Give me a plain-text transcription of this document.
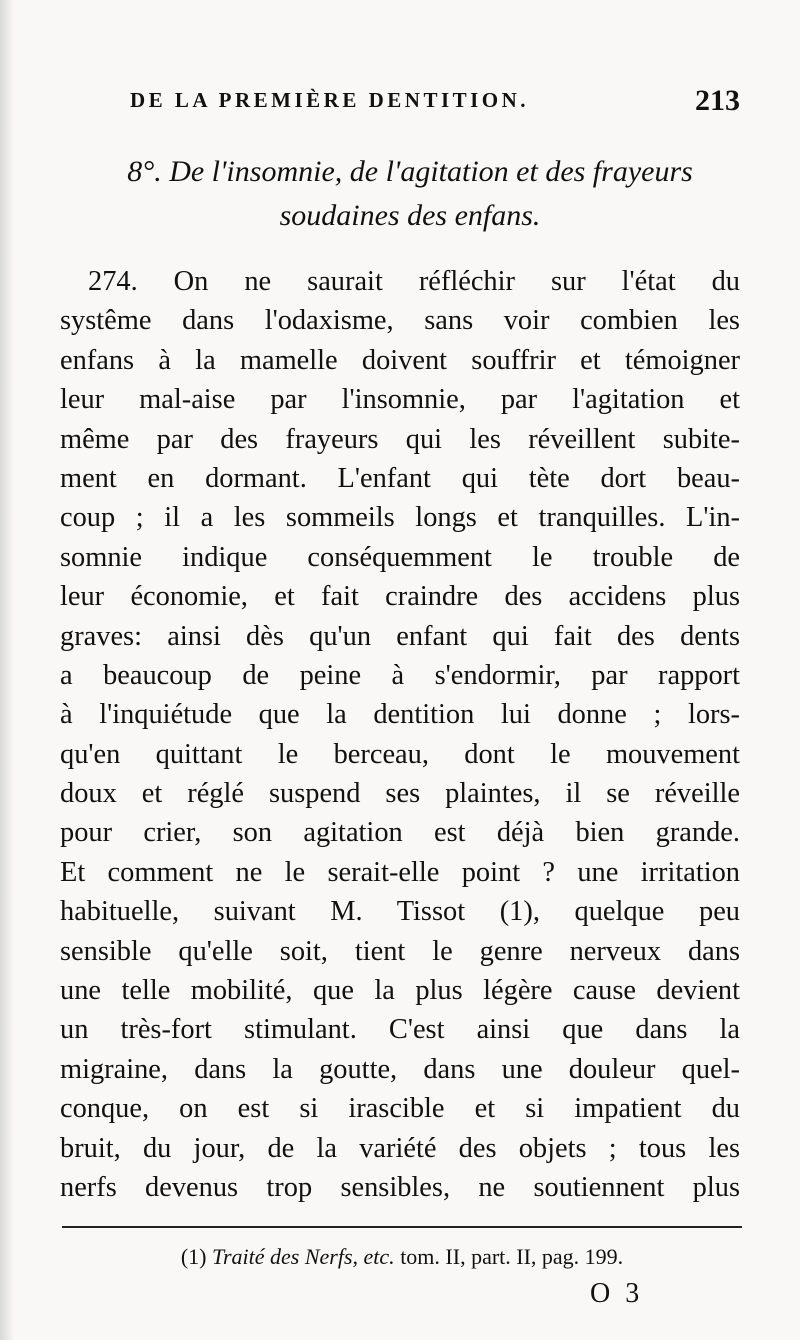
DE LA PREMIÈRE DENTITION.	213
8°. De l'insomnie, de l'agitation et des frayeurs
soudaines des enfans.
274. On ne saurait réfléchir sur l'état du
systême dans l'odaxisme, sans voir combien les
enfans à la mamelle doivent souffrir et témoigner
leur mal-aise par l'insomnie, par l'agitation et
même par des frayeurs qui les réveillent subite-
ment en dormant. L'enfant qui tète dort beau-
coup ; il a les sommeils longs et tranquilles. L'in-
somnie indique conséquemment le trouble de
leur économie, et fait craindre des accidens plus
graves: ainsi dès qu'un enfant qui fait des dents
a beaucoup de peine à s'endormir, par rapport
à l'inquiétude que la dentition lui donne ; lors-
qu'en quittant le berceau, dont le mouvement
doux et réglé suspend ses plaintes, il se réveille
pour crier, son agitation est déjà bien grande.
Et comment ne le serait-elle point ? une irritation
habituelle, suivant M. Tissot (1), quelque peu
sensible qu'elle soit, tient le genre nerveux dans
une telle mobilité, que la plus légère cause devient
un très-fort stimulant. C'est ainsi que dans la
migraine, dans la goutte, dans une douleur quel-
conque, on est si irascible et si impatient du
bruit, du jour, de la variété des objets ; tous les
nerfs devenus trop sensibles, ne soutiennent plus
(1) Traité des Nerfs, etc. tom. II, part. II, pag. 199.
O 3
